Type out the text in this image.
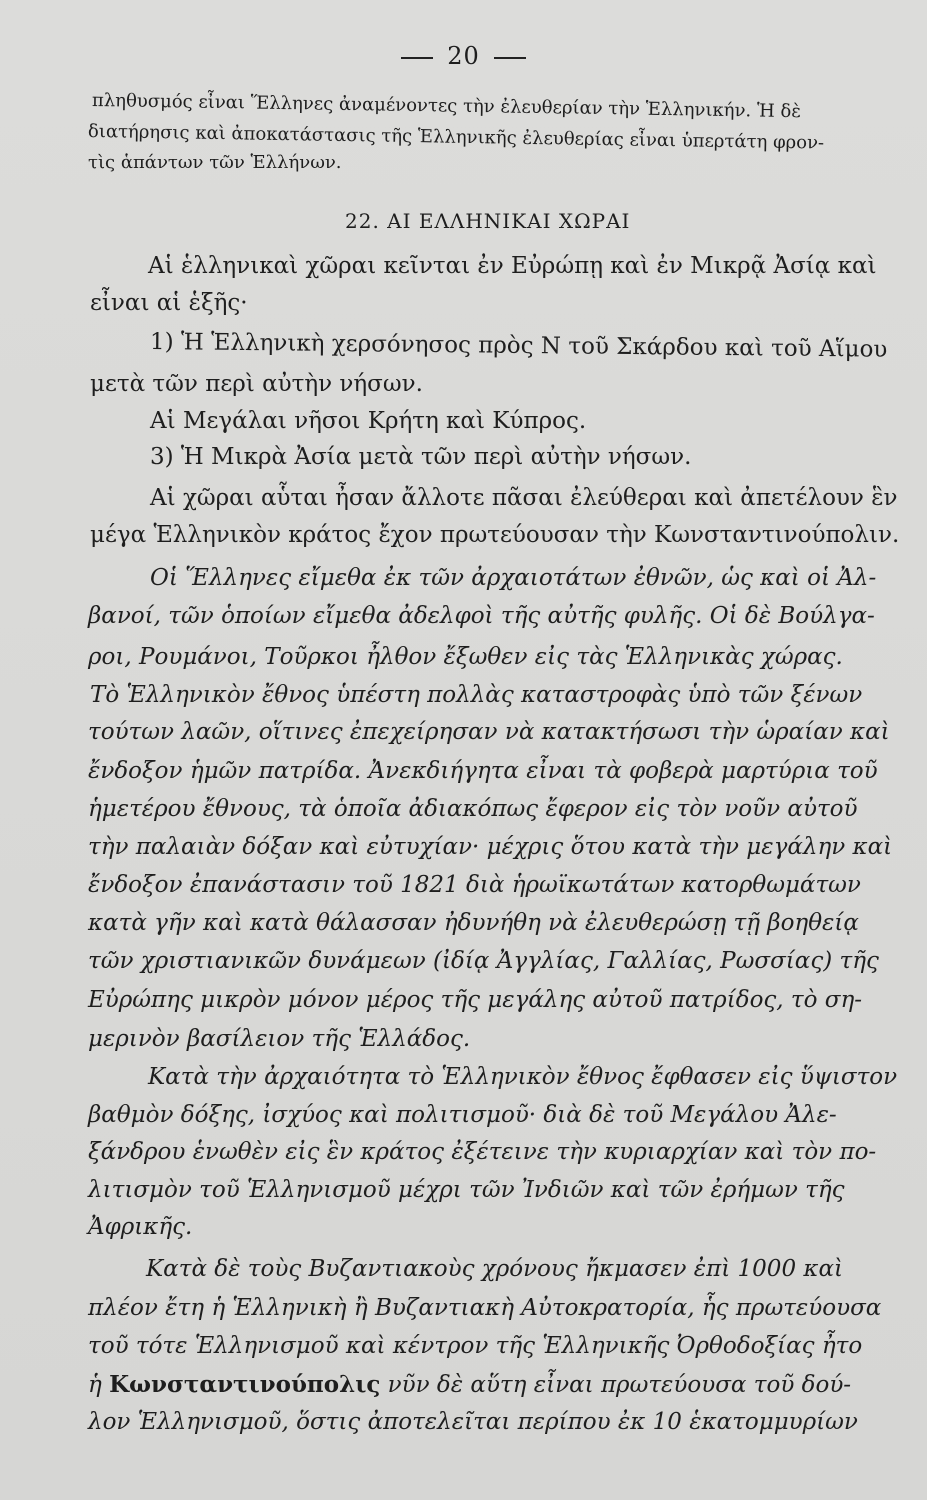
20
πληθυσμός εἶναι Ἕλληνες ἀναμένοντες τὴν ἐλευθερίαν τὴν Ἑλληνικήν. Ἡ δὲ
διατήρησις καὶ ἀποκατάστασις τῆς Ἑλληνικῆς ἐλευθερίας εἶναι ὑπερτάτη φρον-
τὶς ἁπάντων τῶν Ἑλλήνων.
22. ΑΙ ΕΛΛΗΝΙΚΑΙ ΧΩΡΑΙ
Αἱ ἑλληνικαὶ χῶραι κεῖνται ἐν Εὐρώπῃ καὶ ἐν Μικρᾷ Ἀσίᾳ καὶ
εἶναι αἱ ἑξῆς·
1) Ἡ Ἑλληνικὴ χερσόνησος πρὸς Ν τοῦ Σκάρδου καὶ τοῦ Αἵμου
μετὰ τῶν περὶ αὐτὴν νήσων.
Αἱ Μεγάλαι νῆσοι Κρήτη καὶ Κύπρος.
3) Ἡ Μικρὰ Ἀσία μετὰ τῶν περὶ αὐτὴν νήσων.
Αἱ χῶραι αὗται ἦσαν ἄλλοτε πᾶσαι ἐλεύθεραι καὶ ἀπετέλουν ἓν
μέγα Ἑλληνικὸν κράτος ἔχον πρωτεύουσαν τὴν Κωνσταντινούπολιν.
Οἱ Ἕλληνες εἴμεθα ἐκ τῶν ἀρχαιοτάτων ἐθνῶν, ὡς καὶ οἱ Ἀλ-
βανοί, τῶν ὁποίων εἴμεθα ἀδελφοὶ τῆς αὐτῆς φυλῆς. Οἱ δὲ Βούλγα-
ροι, Ρουμάνοι, Τοῦρκοι ἦλθον ἔξωθεν εἰς τὰς Ἑλληνικὰς χώρας.
Τὸ Ἑλληνικὸν ἔθνος ὑπέστη πολλὰς καταστροφὰς ὑπὸ τῶν ξένων
τούτων λαῶν, οἵτινες ἐπεχείρησαν νὰ κατακτήσωσι τὴν ὡραίαν καὶ
ἔνδοξον ἡμῶν πατρίδα. Ἀνεκδιήγητα εἶναι τὰ φοβερὰ μαρτύρια τοῦ
ἡμετέρου ἔθνους, τὰ ὁποῖα ἀδιακόπως ἔφερον εἰς τὸν νοῦν αὐτοῦ
τὴν παλαιὰν δόξαν καὶ εὐτυχίαν· μέχρις ὅτου κατὰ τὴν μεγάλην καὶ
ἔνδοξον ἐπανάστασιν τοῦ 1821 διὰ ἡρωϊκωτάτων κατορθωμάτων
κατὰ γῆν καὶ κατὰ θάλασσαν ἠδυνήθη νὰ ἐλευθερώσῃ τῇ βοηθείᾳ
τῶν χριστιανικῶν δυνάμεων (ἰδίᾳ Ἀγγλίας, Γαλλίας, Ρωσσίας) τῆς
Εὐρώπης μικρὸν μόνον μέρος τῆς μεγάλης αὐτοῦ πατρίδος, τὸ ση-
μερινὸν βασίλειον τῆς Ἑλλάδος.
Κατὰ τὴν ἀρχαιότητα τὸ Ἑλληνικὸν ἔθνος ἔφθασεν εἰς ὕψιστον
βαθμὸν δόξης, ἰσχύος καὶ πολιτισμοῦ· διὰ δὲ τοῦ Μεγάλου Ἀλε-
ξάνδρου ἑνωθὲν εἰς ἓν κράτος ἐξέτεινε τὴν κυριαρχίαν καὶ τὸν πο-
λιτισμὸν τοῦ Ἑλληνισμοῦ μέχρι τῶν Ἰνδιῶν καὶ τῶν ἐρήμων τῆς
Ἀφρικῆς.
Κατὰ δὲ τοὺς Βυζαντιακοὺς χρόνους ἤκμασεν ἐπὶ 1000 καὶ
πλέον ἔτη ἡ Ἑλληνικὴ ἢ Βυζαντιακὴ Αὐτοκρατορία, ἧς πρωτεύουσα
τοῦ τότε Ἑλληνισμοῦ καὶ κέντρον τῆς Ἑλληνικῆς Ὀρθοδοξίας ἦτο
ἡ Κωνσταντινούπολις νῦν δὲ αὕτη εἶναι πρωτεύουσα τοῦ δού-
λον Ἑλληνισμοῦ, ὅστις ἀποτελεῖται περίπου ἐκ 10 ἑκατομμυρίων
